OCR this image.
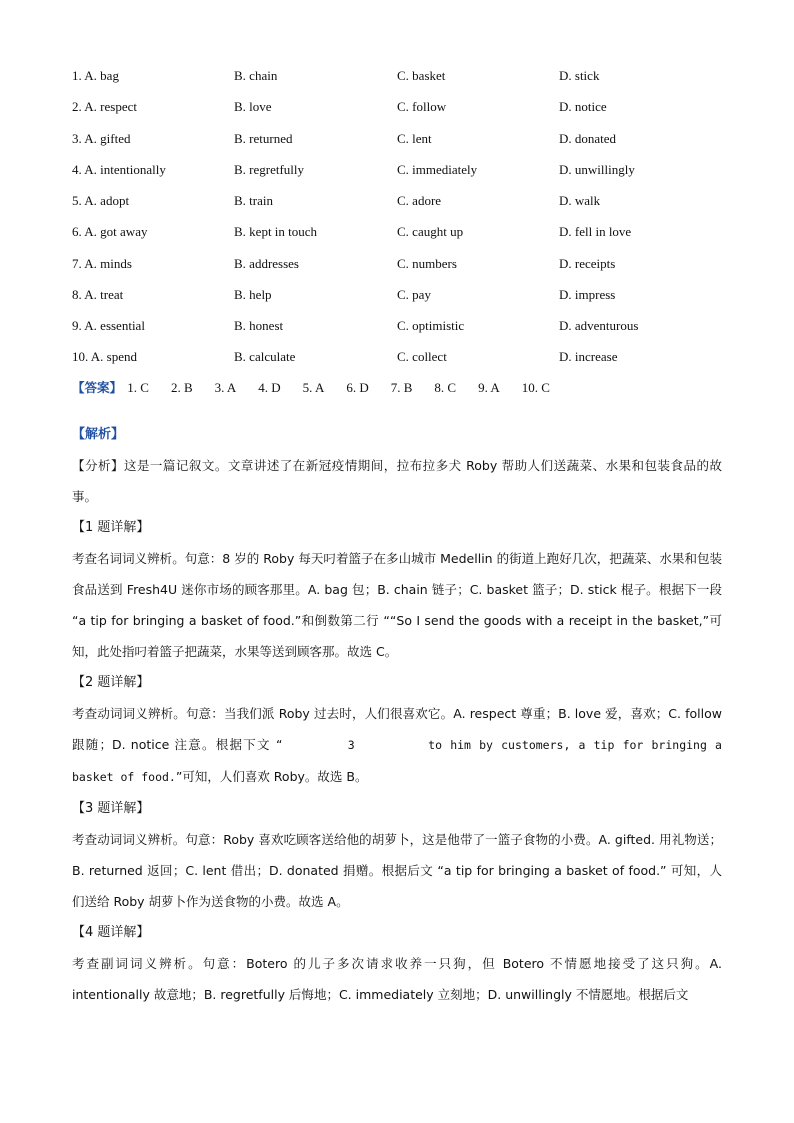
1. A. bag	B. chain	C. basket	D. stick
2. A. respect	B. love	C. follow	D. notice
3. A. gifted	B. returned	C. lent	D. donated
4. A. intentionally	B. regretfully	C. immediately	D. unwillingly
5. A. adopt	B. train	C. adore	D. walk
6. A. got away	B. kept in touch	C. caught up	D. fell in love
7. A. minds	B. addresses	C. numbers	D. receipts
8. A. treat	B. help	C. pay	D. impress
9. A. essential	B. honest	C. optimistic	D. adventurous
10. A. spend	B. calculate	C. collect	D. increase
【答案】 1. C 2. B 3. A 4. D 5. A 6. D 7. B 8. C 9. A 10. C
【解析】
【分析】这是一篇记叙文。文章讲述了在新冠疫情期间，拉布拉多犬 Roby 帮助人们送蔬菜、水果和包装食品的故事。
【1 题详解】
考查名词词义辨析。句意：8 岁的 Roby 每天叼着篮子在多山城市 Medellin 的街道上跑好几次，把蔬菜、水果和包装食品送到 Fresh4U 迷你市场的顾客那里。A. bag 包；B. chain 链子；C. basket 篮子；D. stick 棍子。根据下一段 “a tip for bringing a basket of food.”和倒数第二行 ““So I send the goods with a receipt in the basket,”可知，此处指叼着篮子把蔬菜，水果等送到顾客那。故选 C。
【2 题详解】
考查动词词义辨析。句意：当我们派 Roby 过去时，人们很喜欢它。A. respect 尊重；B. love 爱，喜欢；C. follow 跟随；D. notice 注意。根据下文 “        3         to him by customers, a tip for bringing a basket of food.”可知，人们喜欢 Roby。故选 B。
【3 题详解】
考查动词词义辨析。句意：Roby 喜欢吃顾客送给他的胡萝卜，这是他带了一篮子食物的小费。A. gifted. 用礼物送；B. returned 返回；C. lent 借出；D. donated 捐赠。根据后文 “a tip for bringing a basket of food.” 可知，人们送给 Roby 胡萝卜作为送食物的小费。故选 A。
【4 题详解】
考查副词词义辨析。句意：Botero 的儿子多次请求收养一只狗，但 Botero 不情愿地接受了这只狗。A. intentionally 故意地；B. regretfully 后悔地；C. immediately 立刻地；D. unwillingly 不情愿地。根据后文
